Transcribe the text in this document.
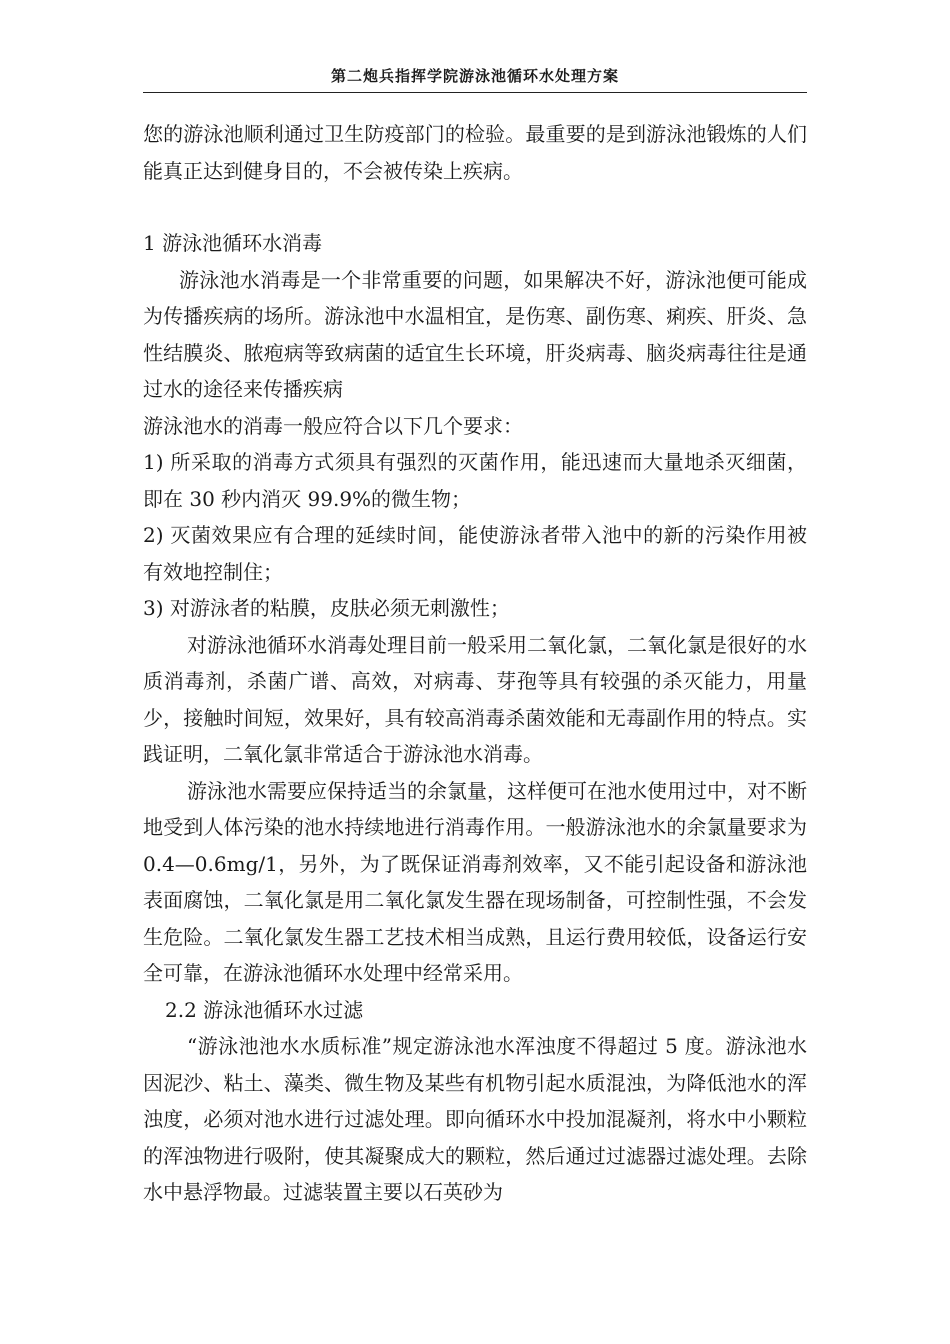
第二炮兵指挥学院游泳池循环水处理方案

您的游泳池顺利通过卫生防疫部门的检验。最重要的是到游泳池锻炼的人们能真正达到健身目的，不会被传染上疾病。

1 游泳池循环水消毒

游泳池水消毒是一个非常重要的问题，如果解决不好，游泳池便可能成为传播疾病的场所。游泳池中水温相宜，是伤寒、副伤寒、痢疾、肝炎、急性结膜炎、脓疱病等致病菌的适宜生长环境，肝炎病毒、脑炎病毒往往是通过水的途径来传播疾病

游泳池水的消毒一般应符合以下几个要求：

1) 所采取的消毒方式须具有强烈的灭菌作用，能迅速而大量地杀灭细菌，即在 30 秒内消灭 99.9%的微生物；

2) 灭菌效果应有合理的延续时间，能使游泳者带入池中的新的污染作用被有效地控制住；

3) 对游泳者的粘膜，皮肤必须无刺激性；

对游泳池循环水消毒处理目前一般采用二氧化氯，二氧化氯是很好的水质消毒剂，杀菌广谱、高效，对病毒、芽孢等具有较强的杀灭能力，用量少，接触时间短，效果好，具有较高消毒杀菌效能和无毒副作用的特点。实践证明，二氧化氯非常适合于游泳池水消毒。

游泳池水需要应保持适当的余氯量，这样便可在池水使用过中，对不断地受到人体污染的池水持续地进行消毒作用。一般游泳池水的余氯量要求为 0.4—0.6mg/1，另外，为了既保证消毒剂效率，又不能引起设备和游泳池表面腐蚀，二氧化氯是用二氧化氯发生器在现场制备，可控制性强，不会发生危险。二氧化氯发生器工艺技术相当成熟，且运行费用较低，设备运行安全可靠，在游泳池循环水处理中经常采用。

2.2 游泳池循环水过滤

“游泳池池水水质标准”规定游泳池水浑浊度不得超过 5 度。游泳池水因泥沙、粘土、藻类、微生物及某些有机物引起水质混浊，为降低池水的浑浊度，必须对池水进行过滤处理。即向循环水中投加混凝剂，将水中小颗粒的浑浊物进行吸附，使其凝聚成大的颗粒，然后通过过滤器过滤处理。去除水中悬浮物最。过滤装置主要以石英砂为
